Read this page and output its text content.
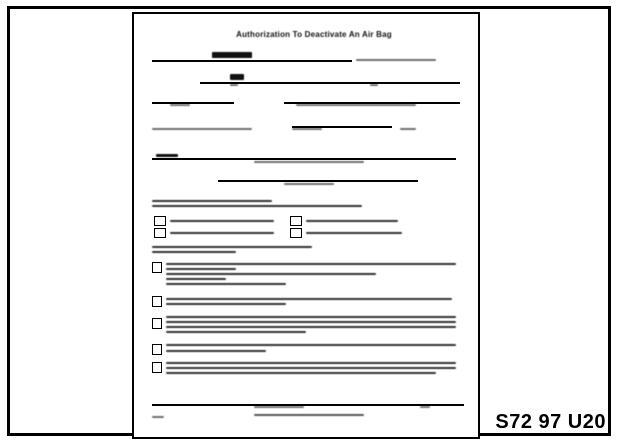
Authorization To Deactivate An Air Bag

S72 97 U20
